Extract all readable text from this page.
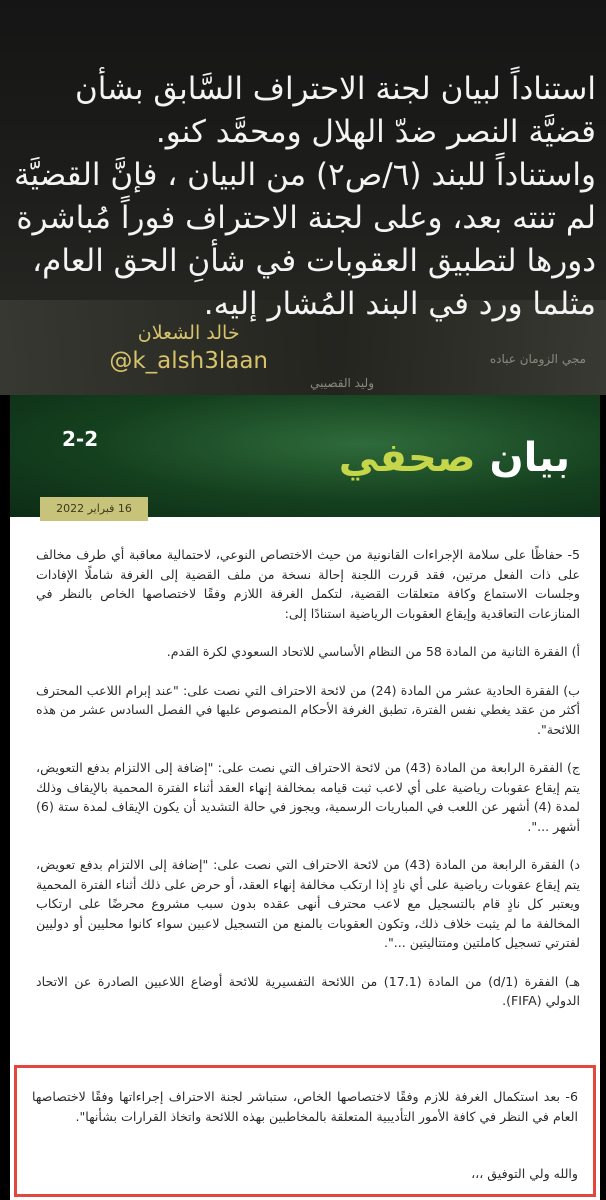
استناداً لبيان لجنة الاحتراف السَّابق بشأن قضيَّة النصر ضدّ الهلال ومحمَّد كنو.

واستناداً للبند (٦/ص٢) من البيان ، فإنَّ القضيَّة لم تنته بعد، وعلى لجنة الاحتراف فوراً مُباشرة دورها لتطبيق العقوبات في شأنِ الحق العام، مثلما ورد في البند المُشار إليه.

مجي الزومان عباده
وليد القصيبي
خالد الشعلان
@k_alsh3laan
بيان صحفي
2-2
16 فبراير 2022

5- حفاظًا على سلامة الإجراءات القانونية من حيث الاختصاص النوعي، لاحتمالية معاقبة أي طرف مخالف على ذات الفعل مرتين، فقد قررت اللجنة إحالة نسخة من ملف القضية إلى الغرفة شاملًا الإفادات وجلسات الاستماع وكافة متعلقات القضية، لتكمل الغرفة اللازم وفقًا لاختصاصها الخاص بالنظر في المنازعات التعاقدية وإيقاع العقوبات الرياضية استنادًا إلى:

أ) الفقرة الثانية من المادة 58 من النظام الأساسي للاتحاد السعودي لكرة القدم.

ب) الفقرة الحادية عشر من المادة (24) من لائحة الاحتراف التي نصت على: "عند إبرام اللاعب المحترف أكثر من عقد يغطي نفس الفترة، تطبق الغرفة الأحكام المنصوص عليها في الفصل السادس عشر من هذه اللائحة".

ج) الفقرة الرابعة من المادة (43) من لائحة الاحتراف التي نصت على: "إضافة إلى الالتزام بدفع التعويض، يتم إيقاع عقوبات رياضية على أي لاعب ثبت قيامه بمخالفة إنهاء العقد أثناء الفترة المحمية بالإيقاف وذلك لمدة (4) أشهر عن اللعب في المباريات الرسمية، ويجوز في حالة التشديد أن يكون الإيقاف لمدة ستة (6) أشهر ...".

د) الفقرة الرابعة من المادة (43) من لائحة الاحتراف التي نصت على: "إضافة إلى الالتزام بدفع تعويض، يتم إيقاع عقوبات رياضية على أي نادٍ إذا ارتكب مخالفة إنهاء العقد، أو حرض على ذلك أثناء الفترة المحمية ويعتبر كل نادٍ قام بالتسجيل مع لاعب محترف أنهى عقده بدون سبب مشروع محرضًا على ارتكاب المخالفة ما لم يثبت خلاف ذلك، وتكون العقوبات بالمنع من التسجيل لاعبين سواء كانوا محليين أو دوليين لفترتي تسجيل كاملتين ومتتاليتين ...".

هـ) الفقرة (1/d) من المادة (17.1) من اللائحة التفسيرية للائحة أوضاع اللاعبين الصادرة عن الاتحاد الدولي (FIFA).

6- بعد استكمال الغرفة للازم وفقًا لاختصاصها الخاص، ستباشر لجنة الاحتراف إجراءاتها وفقًا لاختصاصها العام في النظر في كافة الأمور التأديبية المتعلقة بالمخاطبين بهذه اللائحة واتخاذ القرارات بشأنها".
والله ولي التوفيق ،،،
